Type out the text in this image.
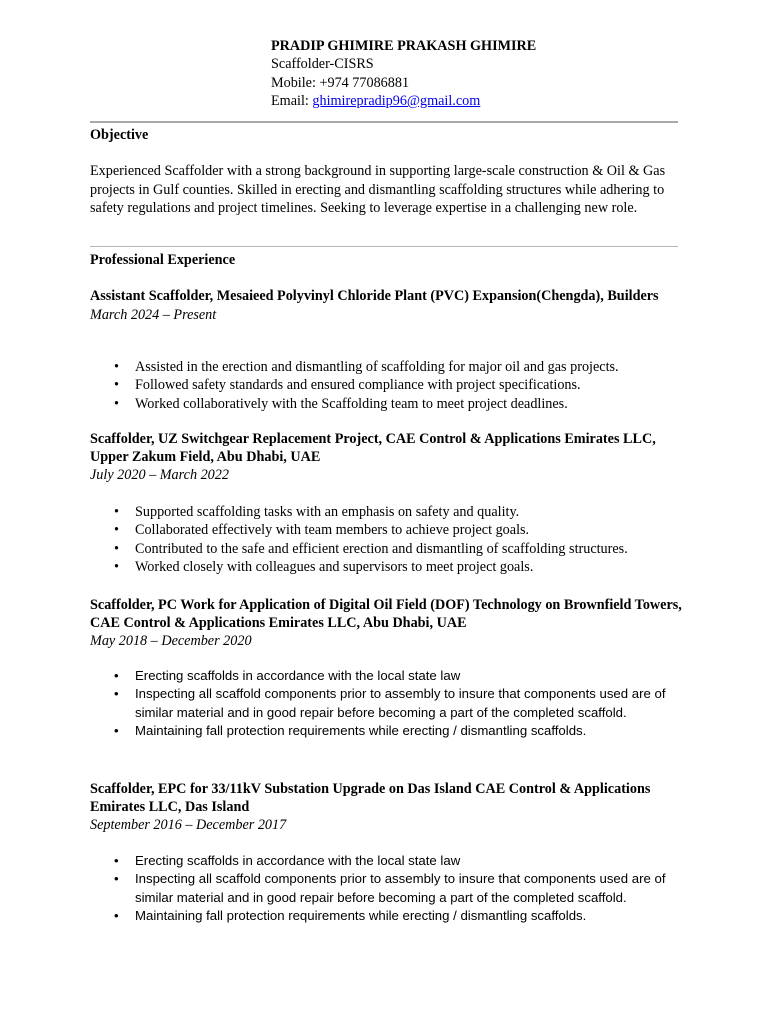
PRADIP GHIMIRE PRAKASH GHIMIRE
Scaffolder-CISRS
Mobile: +974 77086881
Email: ghimirepradip96@gmail.com
Objective
Experienced Scaffolder with a strong background in supporting large-scale construction & Oil & Gas projects in Gulf counties. Skilled in erecting and dismantling scaffolding structures while adhering to safety regulations and project timelines. Seeking to leverage expertise in a challenging new role.
Professional Experience
Assistant Scaffolder, Mesaieed Polyvinyl Chloride Plant (PVC) Expansion(Chengda), Builders
March 2024 – Present
• Assisted in the erection and dismantling of scaffolding for major oil and gas projects.
• Followed safety standards and ensured compliance with project specifications.
• Worked collaboratively with the Scaffolding team to meet project deadlines.
Scaffolder, UZ Switchgear Replacement Project, CAE Control & Applications Emirates LLC, Upper Zakum Field, Abu Dhabi, UAE
July 2020 – March 2022
• Supported scaffolding tasks with an emphasis on safety and quality.
• Collaborated effectively with team members to achieve project goals.
• Contributed to the safe and efficient erection and dismantling of scaffolding structures.
• Worked closely with colleagues and supervisors to meet project goals.
Scaffolder, PC Work for Application of Digital Oil Field (DOF) Technology on Brownfield Towers, CAE Control & Applications Emirates LLC, Abu Dhabi, UAE
May 2018 – December 2020
• Erecting scaffolds in accordance with the local state law
• Inspecting all scaffold components prior to assembly to insure that components used are of similar material and in good repair before becoming a part of the completed scaffold.
• Maintaining fall protection requirements while erecting / dismantling scaffolds.
Scaffolder, EPC for 33/11kV Substation Upgrade on Das Island CAE Control & Applications Emirates LLC, Das Island
September 2016 – December 2017
• Erecting scaffolds in accordance with the local state law
• Inspecting all scaffold components prior to assembly to insure that components used are of similar material and in good repair before becoming a part of the completed scaffold.
• Maintaining fall protection requirements while erecting / dismantling scaffolds.
